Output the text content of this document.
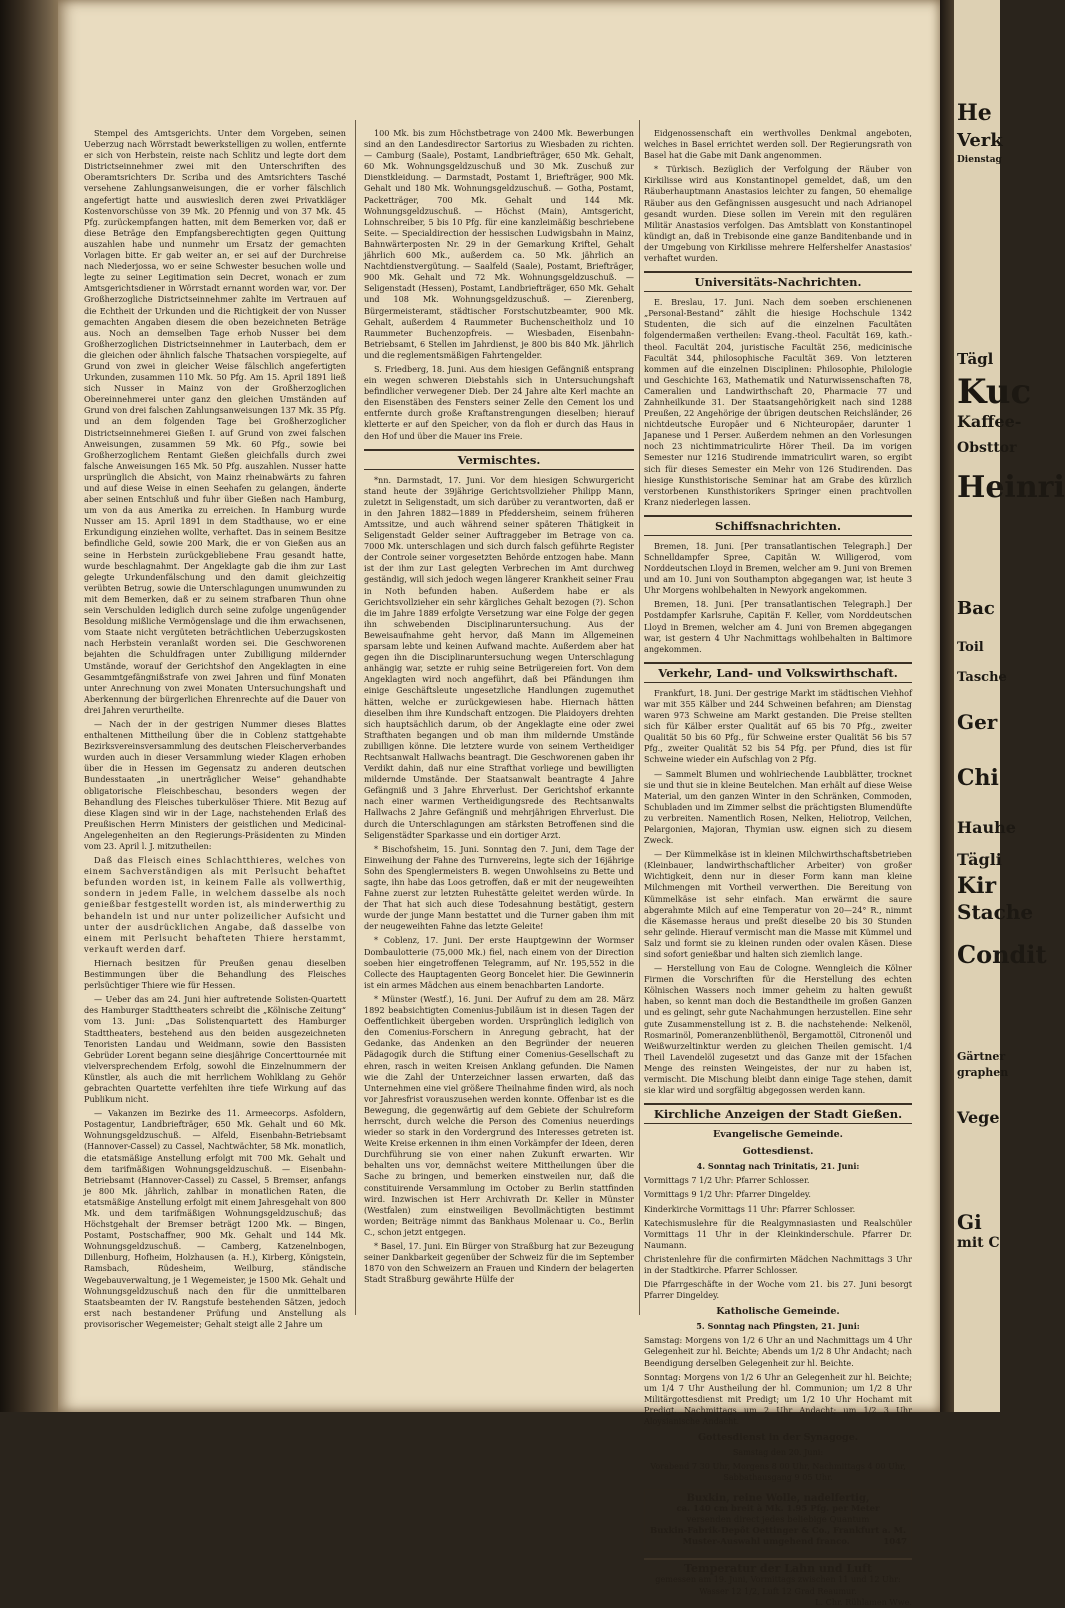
Stempel des Amtsgerichts. Unter dem Vorgeben, seinen Ueberzug nach Wörrstadt bewerkstelligen zu wollen, entfernte er sich von Herbstein, reiste nach Schlitz und legte dort dem Districtseinnehmer zwei mit den Unterschriften des Oberamtsrichters Dr. Scriba und des Amtsrichters Tasché versehene Zahlungsanweisungen, die er vorher fälschlich angefertigt hatte und auswieslich deren zwei Privatkläger Kostenvorschüsse von 39 Mk. 20 Pfennig und von 37 Mk. 45 Pfg. zurückempfangen hatten, mit dem Bemerken vor, daß er diese Beträge den Empfangsberechtigten gegen Quittung auszahlen habe und nunmehr um Ersatz der gemachten Vorlagen bitte. Er gab weiter an, er sei auf der Durchreise nach Niederjossa, wo er seine Schwester besuchen wolle und legte zu seiner Legitimation sein Decret, wonach er zum Amtsgerichtsdiener in Wörrstadt ernannt worden war, vor. Der Großherzogliche Districtseinnehmer zahlte im Vertrauen auf die Echtheit der Urkunden und die Richtigkeit der von Nusser gemachten Angaben diesem die oben bezeichneten Beträge aus. Noch an demselben Tage erhob Nusser bei dem Großherzoglichen Districtseinnehmer in Lauterbach, dem er die gleichen oder ähnlich falsche Thatsachen vorspiegelte, auf Grund von zwei in gleicher Weise fälschlich angefertigten Urkunden, zusammen 110 Mk. 50 Pfg. Am 15. April 1891 ließ sich Nusser in Mainz von der Großherzoglichen Obereinnehmerei unter ganz den gleichen Umständen auf Grund von drei falschen Zahlungsanweisungen 137 Mk. 35 Pfg. und an dem folgenden Tage bei Großherzoglicher Districtseinnehmerei Gießen I. auf Grund von zwei falschen Anweisungen, zusammen 59 Mk. 60 Pfg., sowie bei Großherzoglichem Rentamt Gießen gleichfalls durch zwei falsche Anweisungen 165 Mk. 50 Pfg. auszahlen. Nusser hatte ursprünglich die Absicht, von Mainz rheinabwärts zu fahren und auf diese Weise in einen Seehafen zu gelangen, änderte aber seinen Entschluß und fuhr über Gießen nach Hamburg, um von da aus Amerika zu erreichen. In Hamburg wurde Nusser am 15. April 1891 in dem Stadthause, wo er eine Erkundigung einziehen wollte, verhaftet. Das in seinem Besitze befindliche Geld, sowie 200 Mark, die er von Gießen aus an seine in Herbstein zurückgebliebene Frau gesandt hatte, wurde beschlagnahmt. Der Angeklagte gab die ihm zur Last gelegte Urkundenfälschung und den damit gleichzeitig verübten Betrug, sowie die Unterschlagungen unumwunden zu mit dem Bemerken, daß er zu seinem strafbaren Thun ohne sein Verschulden lediglich durch seine zufolge ungenügender Besoldung mißliche Vermögenslage und die ihm erwachsenen, vom Staate nicht vergüteten beträchtlichen Ueberzugskosten nach Herbstein veranlaßt worden sei. Die Geschworenen bejahten die Schuldfragen unter Zubilligung mildernder Umstände, worauf der Gerichtshof den Angeklagten in eine Gesammtgefängnißstrafe von zwei Jahren und fünf Monaten unter Anrechnung von zwei Monaten Untersuchungshaft und Aberkennung der bürgerlichen Ehrenrechte auf die Dauer von drei Jahren verurtheilte.

— Nach der in der gestrigen Nummer dieses Blattes enthaltenen Mittheilung über die in Coblenz stattgehabte Bezirksvereinsversammlung des deutschen Fleischerverbandes wurden auch in dieser Versammlung wieder Klagen erhoben über die in Hessen im Gegensatz zu anderen deutschen Bundesstaaten „in unerträglicher Weise“ gehandhabte obligatorische Fleischbeschau, besonders wegen der Behandlung des Fleisches tuberkulöser Thiere. Mit Bezug auf diese Klagen sind wir in der Lage, nachstehenden Erlaß des Preußischen Herrn Ministers der geistlichen und Medicinal-Angelegenheiten an den Regierungs-Präsidenten zu Minden vom 23. April l. J. mitzutheilen:

Daß das Fleisch eines Schlachtthieres, welches von einem Sachverständigen als mit Perlsucht behaftet befunden worden ist, in keinem Falle als vollwerthig, sondern in jedem Falle, in welchem dasselbe als noch genießbar festgestellt worden ist, als minderwerthig zu behandeln ist und nur unter polizeilicher Aufsicht und unter der ausdrücklichen Angabe, daß dasselbe von einem mit Perlsucht behafteten Thiere herstammt, verkauft werden darf.

Hiernach besitzen für Preußen genau dieselben Bestimmungen über die Behandlung des Fleisches perlsüchtiger Thiere wie für Hessen.

— Ueber das am 24. Juni hier auftretende Solisten-Quartett des Hamburger Stadttheaters schreibt die „Kölnische Zeitung“ vom 13. Juni: „Das Solistenquartett des Hamburger Stadttheaters, bestehend aus den beiden ausgezeichneten Tenoristen Landau und Weidmann, sowie den Bassisten Gebrüder Lorent begann seine diesjährige Concerttournée mit vielversprechendem Erfolg, sowohl die Einzelnummern der Künstler, als auch die mit herrlichem Wohlklang zu Gehör gebrachten Quartette verfehlten ihre tiefe Wirkung auf das Publikum nicht.

— Vakanzen im Bezirke des 11. Armeecorps. Asfoldern, Postagentur, Landbriefträger, 650 Mk. Gehalt und 60 Mk. Wohnungsgeldzuschuß. — Alfeld, Eisenbahn-Betriebsamt (Hannover-Cassel) zu Cassel, Nachtwächter, 58 Mk. monatlich, die etatsmäßige Anstellung erfolgt mit 700 Mk. Gehalt und dem tarifmäßigen Wohnungsgeldzuschuß. — Eisenbahn-Betriebsamt (Hannover-Cassel) zu Cassel, 5 Bremser, anfangs je 800 Mk. jährlich, zahlbar in monatlichen Raten, die etatsmäßige Anstellung erfolgt mit einem Jahresgehalt von 800 Mk. und dem tarifmäßigen Wohnungsgeldzuschuß; das Höchstgehalt der Bremser beträgt 1200 Mk. — Bingen, Postamt, Postschaffner, 900 Mk. Gehalt und 144 Mk. Wohnungsgeldzuschuß. — Camberg, Katzenelnbogen, Dillenburg, Hofheim, Holzhausen (a. H.), Kirberg, Königstein, Ramsbach, Rüdesheim, Weilburg, ständische Wegebauverwaltung, je 1 Wegemeister, je 1500 Mk. Gehalt und Wohnungsgeldzuschuß nach den für die unmittelbaren Staatsbeamten der IV. Rangstufe bestehenden Sätzen, jedoch erst nach bestandener Prüfung und Anstellung als provisorischer Wegemeister; Gehalt steigt alle 2 Jahre um

100 Mk. bis zum Höchstbetrage von 2400 Mk. Bewerbungen sind an den Landesdirector Sartorius zu Wiesbaden zu richten. — Camburg (Saale), Postamt, Landbriefträger, 650 Mk. Gehalt, 60 Mk. Wohnungsgeldzuschuß und 30 Mk. Zuschuß zur Dienstkleidung. — Darmstadt, Postamt 1, Briefträger, 900 Mk. Gehalt und 180 Mk. Wohnungsgeldzuschuß. — Gotha, Postamt, Packetträger, 700 Mk. Gehalt und 144 Mk. Wohnungsgeldzuschuß. — Höchst (Main), Amtsgericht, Lohnschreiber, 5 bis 10 Pfg. für eine kanzleimäßig beschriebene Seite. — Specialdirection der hessischen Ludwigsbahn in Mainz, Bahnwärterposten Nr. 29 in der Gemarkung Kriftel, Gehalt jährlich 600 Mk., außerdem ca. 50 Mk. jährlich an Nachtdienstvergütung. — Saalfeld (Saale), Postamt, Briefträger, 900 Mk. Gehalt und 72 Mk. Wohnungsgeldzuschuß. — Seligenstadt (Hessen), Postamt, Landbriefträger, 650 Mk. Gehalt und 108 Mk. Wohnungsgeldzuschuß. — Zierenberg, Bürgermeisteramt, städtischer Forstschutzbeamter, 900 Mk. Gehalt, außerdem 4 Raummeter Buchenscheitholz und 10 Raummeter Buchenzopfreis. — Wiesbaden, Eisenbahn-Betriebsamt, 6 Stellen im Jahrdienst, je 800 bis 840 Mk. jährlich und die reglementsmäßigen Fahrtengelder.

S. Friedberg, 18. Juni. Aus dem hiesigen Gefängniß entsprang ein wegen schweren Diebstahls sich in Untersuchungshaft befindlicher verwegener Dieb. Der 24 Jahre alte Kerl machte an den Eisenstäben des Fensters seiner Zelle den Cement los und entfernte durch große Kraftanstrengungen dieselben; hierauf kletterte er auf den Speicher, von da floh er durch das Haus in den Hof und über die Mauer ins Freie.

Vermischtes.

*nn. Darmstadt, 17. Juni. Vor dem hiesigen Schwurgericht stand heute der 39jährige Gerichtsvollzieher Philipp Mann, zuletzt in Seligenstadt, um sich darüber zu verantworten, daß er in den Jahren 1882—1889 in Pfeddersheim, seinem früheren Amtssitze, und auch während seiner späteren Thätigkeit in Seligenstadt Gelder seiner Auftraggeber im Betrage von ca. 7000 Mk. unterschlagen und sich durch falsch geführte Register der Controle seiner vorgesetzten Behörde entzogen habe. Mann ist der ihm zur Last gelegten Verbrechen im Amt durchweg geständig, will sich jedoch wegen längerer Krankheit seiner Frau in Noth befunden haben. Außerdem habe er als Gerichtsvollzieher ein sehr kärgliches Gehalt bezogen (?). Schon die im Jahre 1889 erfolgte Versetzung war eine Folge der gegen ihn schwebenden Disciplinaruntersuchung. Aus der Beweisaufnahme geht hervor, daß Mann im Allgemeinen sparsam lebte und keinen Aufwand machte. Außerdem aber hat gegen ihn die Disciplinaruntersuchung wegen Unterschlagung anhängig war, setzte er ruhig seine Betrügereien fort. Von dem Angeklagten wird noch angeführt, daß bei Pfändungen ihm einige Geschäftsleute ungesetzliche Handlungen zugemuthet hätten, welche er zurückgewiesen habe. Hiernach hätten dieselben ihm ihre Kundschaft entzogen. Die Plaidoyers drehten sich hauptsächlich darum, ob der Angeklagte eine oder zwei Strafthaten begangen und ob man ihm mildernde Umstände zubilligen könne. Die letztere wurde von seinem Vertheidiger Rechtsanwalt Hallwachs beantragt. Die Geschworenen gaben ihr Verdikt dahin, daß nur eine Strafthat vorliege und bewilligten mildernde Umstände. Der Staatsanwalt beantragte 4 Jahre Gefängniß und 3 Jahre Ehrverlust. Der Gerichtshof erkannte nach einer warmen Vertheidigungsrede des Rechtsanwalts Hallwachs 2 Jahre Gefängniß und mehrjährigen Ehrverlust. Die durch die Unterschlagungen am stärksten Betroffenen sind die Seligenstädter Sparkasse und ein dortiger Arzt.

* Bischofsheim, 15. Juni. Sonntag den 7. Juni, dem Tage der Einweihung der Fahne des Turnvereins, legte sich der 16jährige Sohn des Spenglermeisters B. wegen Unwohlseins zu Bette und sagte, ihn habe das Loos getroffen, daß er mit der neugeweihten Fahne zuerst zur letzten Ruhestätte geleitet werden würde. In der That hat sich auch diese Todesahnung bestätigt, gestern wurde der junge Mann bestattet und die Turner gaben ihm mit der neugeweihten Fahne das letzte Geleite!

* Coblenz, 17. Juni. Der erste Hauptgewinn der Wormser Dombaulotterie (75,000 Mk.) fiel, nach einem von der Direction soeben hier eingetroffenen Telegramm, auf Nr. 195,552 in die Collecte des Hauptagenten Georg Boncelet hier. Die Gewinnerin ist ein armes Mädchen aus einem benachbarten Landorte.

* Münster (Westf.), 16. Juni. Der Aufruf zu dem am 28. März 1892 beabsichtigten Comenius-Jubiläum ist in diesen Tagen der Oeffentlichkeit übergeben worden. Ursprünglich lediglich von den Comenius-Forschern in Anregung gebracht, hat der Gedanke, das Andenken an den Begründer der neueren Pädagogik durch die Stiftung einer Comenius-Gesellschaft zu ehren, rasch in weiten Kreisen Anklang gefunden. Die Namen wie die Zahl der Unterzeichner lassen erwarten, daß das Unternehmen eine viel größere Theilnahme finden wird, als noch vor Jahresfrist vorauszusehen werden konnte. Offenbar ist es die Bewegung, die gegenwärtig auf dem Gebiete der Schulreform herrscht, durch welche die Person des Comenius neuerdings wieder so stark in den Vordergrund des Interesses getreten ist. Weite Kreise erkennen in ihm einen Vorkämpfer der Ideen, deren Durchführung sie von einer nahen Zukunft erwarten. Wir behalten uns vor, demnächst weitere Mittheilungen über die Sache zu bringen, und bemerken einstweilen nur, daß die constituirende Versammlung im October zu Berlin stattfinden wird. Inzwischen ist Herr Archivrath Dr. Keller in Münster (Westfalen) zum einstweiligen Bevollmächtigten bestimmt worden; Beiträge nimmt das Bankhaus Molenaar u. Co., Berlin C., schon jetzt entgegen.

* Basel, 17. Juni. Ein Bürger von Straßburg hat zur Bezeugung seiner Dankbarkeit gegenüber der Schweiz für die im September 1870 von den Schweizern an Frauen und Kindern der belagerten Stadt Straßburg gewährte Hülfe der

Eidgenossenschaft ein werthvolles Denkmal angeboten, welches in Basel errichtet werden soll. Der Regierungsrath von Basel hat die Gabe mit Dank angenommen.

* Türkisch. Bezüglich der Verfolgung der Räuber von Kirkilisse wird aus Konstantinopel gemeldet, daß, um den Räuberhauptmann Anastasios leichter zu fangen, 50 ehemalige Räuber aus den Gefängnissen ausgesucht und nach Adrianopel gesandt wurden. Diese sollen im Verein mit den regulären Militär Anastasios verfolgen. Das Amtsblatt von Konstantinopel kündigt an, daß in Trebisonde eine ganze Banditenbande und in der Umgebung von Kirkilisse mehrere Helfershelfer Anastasios' verhaftet wurden.

Universitäts-Nachrichten.

E. Breslau, 17. Juni. Nach dem soeben erschienenen „Personal-Bestand“ zählt die hiesige Hochschule 1342 Studenten, die sich auf die einzelnen Facultäten folgendermaßen vertheilen: Evang.-theol. Facultät 169, kath.-theol. Facultät 204, juristische Facultät 256, medicinische Facultät 344, philosophische Facultät 369. Von letzteren kommen auf die einzelnen Disciplinen: Philosophie, Philologie und Geschichte 163, Mathematik und Naturwissenschaften 78, Cameralien und Landwirthschaft 20, Pharmacie 77 und Zahnheilkunde 31. Der Staatsangehörigkeit nach sind 1288 Preußen, 22 Angehörige der übrigen deutschen Reichsländer, 26 nichtdeutsche Europäer und 6 Nichteuropäer, darunter 1 Japanese und 1 Perser. Außerdem nehmen an den Vorlesungen noch 23 nichtimmatriculirte Hörer Theil. Da im vorigen Semester nur 1216 Studirende immatriculirt waren, so ergibt sich für dieses Semester ein Mehr von 126 Studirenden. Das hiesige Kunsthistorische Seminar hat am Grabe des kürzlich verstorbenen Kunsthistorikers Springer einen prachtvollen Kranz niederlegen lassen.

Schiffsnachrichten.

Bremen, 18. Juni. [Per transatlantischen Telegraph.] Der Schnelldampfer Spree, Capitän W. Willigerod, vom Norddeutschen Lloyd in Bremen, welcher am 9. Juni von Bremen und am 10. Juni von Southampton abgegangen war, ist heute 3 Uhr Morgens wohlbehalten in Newyork angekommen.

Bremen, 18. Juni. [Per transatlantischen Telegraph.] Der Postdampfer Karlsruhe, Capitän F. Keller, vom Norddeutschen Lloyd in Bremen, welcher am 4. Juni von Bremen abgegangen war, ist gestern 4 Uhr Nachmittags wohlbehalten in Baltimore angekommen.

Verkehr, Land- und Volkswirthschaft.

Frankfurt, 18. Juni. Der gestrige Markt im städtischen Viehhof war mit 355 Kälber und 244 Schweinen befahren; am Dienstag waren 973 Schweine am Markt gestanden. Die Preise stellten sich für Kälber erster Qualität auf 65 bis 70 Pfg., zweiter Qualität 50 bis 60 Pfg., für Schweine erster Qualität 56 bis 57 Pfg., zweiter Qualität 52 bis 54 Pfg. per Pfund, dies ist für Schweine wieder ein Aufschlag von 2 Pfg.

— Sammelt Blumen und wohlriechende Laubblätter, trocknet sie und thut sie in kleine Beutelchen. Man erhält auf diese Weise Material, um den ganzen Winter in den Schränken, Commoden, Schubladen und im Zimmer selbst die prächtigsten Blumendüfte zu verbreiten. Namentlich Rosen, Nelken, Heliotrop, Veilchen, Pelargonien, Majoran, Thymian usw. eignen sich zu diesem Zweck.

— Der Kümmelkäse ist in kleinen Milchwirthschaftsbetrieben (Kleinbauer, landwirthschaftlicher Arbeiter) von großer Wichtigkeit, denn nur in dieser Form kann man kleine Milchmengen mit Vortheil verwerthen. Die Bereitung von Kümmelkäse ist sehr einfach. Man erwärmt die saure abgerahmte Milch auf eine Temperatur von 20—24° R., nimmt die Käsemasse heraus und preßt dieselbe 20 bis 30 Stunden sehr gelinde. Hierauf vermischt man die Masse mit Kümmel und Salz und formt sie zu kleinen runden oder ovalen Käsen. Diese sind sofort genießbar und halten sich ziemlich lange.

— Herstellung von Eau de Cologne. Wenngleich die Kölner Firmen die Vorschriften für die Herstellung des echten Kölnischen Wassers noch immer geheim zu halten gewußt haben, so kennt man doch die Bestandtheile im großen Ganzen und es gelingt, sehr gute Nachahmungen herzustellen. Eine sehr gute Zusammenstellung ist z. B. die nachstehende: Nelkenöl, Rosmarinöl, Pomeranzenblüthenöl, Bergamottöl, Citronenöl und Weißwurzeltinktur werden zu gleichen Theilen gemischt. 1/4 Theil Lavendelöl zugesetzt und das Ganze mit der 15fachen Menge des reinsten Weingeistes, der nur zu haben ist, vermischt. Die Mischung bleibt dann einige Tage stehen, damit sie klar wird und sorgfältig abgegossen werden kann.

Kirchliche Anzeigen der Stadt Gießen.
Evangelische Gemeinde.
Gottesdienst.
4. Sonntag nach Trinitatis, 21. Juni:
Vormittags 7 1/2 Uhr: Pfarrer Schlosser.
Vormittags 9 1/2 Uhr: Pfarrer Dingeldey.
Kinderkirche Vormittags 11 Uhr: Pfarrer Schlosser.
Katechismuslehre für die Realgymnasiasten und Realschüler Vormittags 11 Uhr in der Kleinkinderschule. Pfarrer Dr. Naumann.
Christenlehre für die confirmirten Mädchen Nachmittags 3 Uhr in der Stadtkirche. Pfarrer Schlosser.
Die Pfarrgeschäfte in der Woche vom 21. bis 27. Juni besorgt Pfarrer Dingeldey.
Katholische Gemeinde.
5. Sonntag nach Pfingsten, 21. Juni:
Samstag: Morgens von 1/2 6 Uhr an und Nachmittags um 4 Uhr Gelegenheit zur hl. Beichte; Abends um 1/2 8 Uhr Andacht; nach Beendigung derselben Gelegenheit zur hl. Beichte.
Sonntag: Morgens von 1/2 6 Uhr an Gelegenheit zur hl. Beichte; um 1/4 7 Uhr Austheilung der hl. Communion; um 1/2 8 Uhr Militärgottesdienst mit Predigt; um 1/2 10 Uhr Hochamt mit Predigt. Nachmittags um 2 Uhr Andacht; um 1/2 3 Uhr Aloysianische Andacht.
Gottesdienst in der Synagoge.
Samstag den 20. Juni:
Vorabend 7 30 Uhr, Morgens 8 00 Uhr, Nachmittags 4 00 Uhr, Sabbathausgang 9 05 Uhr.
Buxkin, reine Wolle, nadelfertig,
ca. 140 cm breit à Mk. 1.95 Pfg. per Meter
versenden direct jedes beliebige Quantum
Buxkin-Fabrik-Depôt Oettinger & Co., Frankfurt a. M.
Muster-Auswahl umgehend franco.	1047
Temperatur der Lahn und Luft
gemessen am 19. Juni, Vormittags zwischen 11 und 12 Uhr: Wasser 12 1/2, Luft 12 Grad Reaumur.
L. Chr. Rühlamen Wwe.
He
Verk
Dienstag
Tägl
Kuc
Kaffee-
Obsttor
Heinri
Bac
Toil
Tasche
Ger
Chi
Hauhe
Tägli
Kir
Stache
Condit
Gärtner
graphen
Vege
Gi
mit C
